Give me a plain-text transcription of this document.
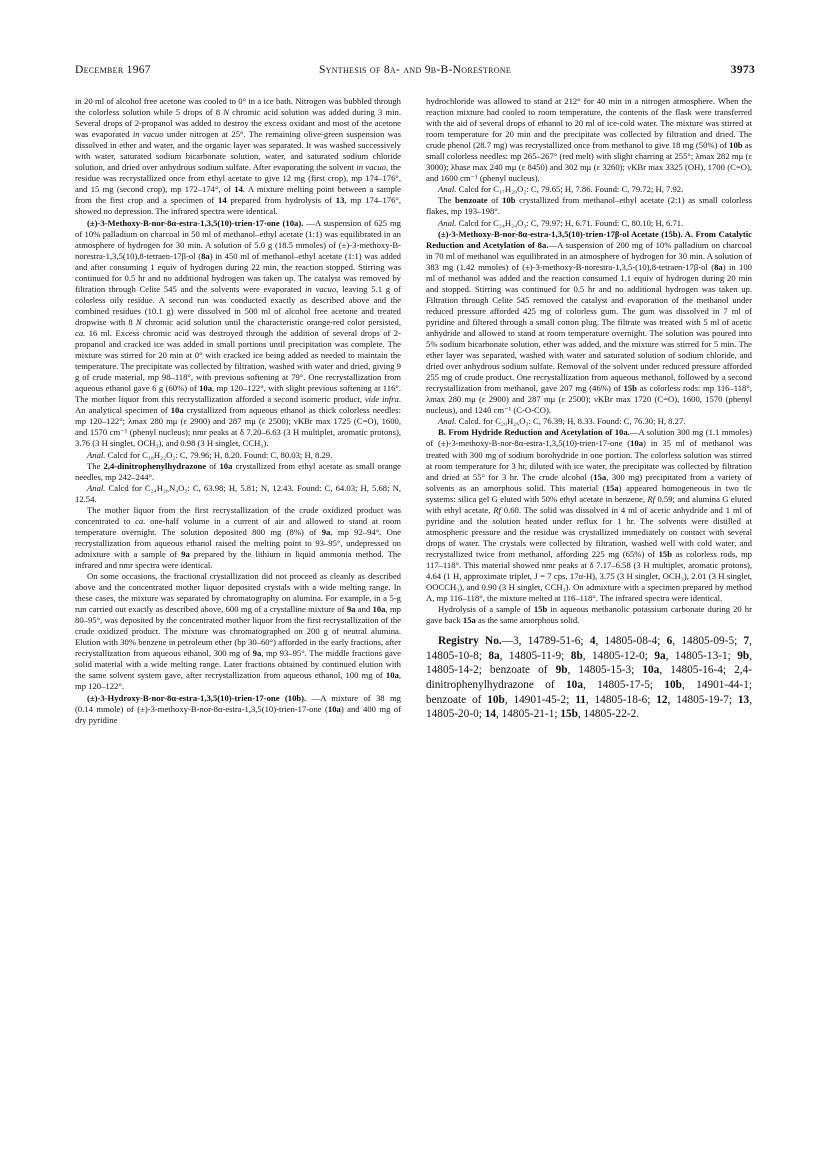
December 1967	Synthesis of 8α- and 9β-B-Norestrone	3973

in 20 ml of alcohol free acetone was cooled to 0° in a ice bath. Nitrogen was bubbled through the colorless solution while 5 drops of 8 N chromic acid solution was added during 3 min. Several drops of 2-propanol was added to destroy the excess oxidant and most of the acetone was evaporated in vacuo under nitrogen at 25°. The remaining olive-green suspension was dissolved in ether and water, and the organic layer was separated. It was washed successively with water, saturated sodium bicarbonate solution, water, and saturated sodium chloride solution, and dried over anhydrous sodium sulfate. After evaporating the solvent in vacuo, the residue was recrystallized once from ethyl acetate to give 12 mg (first crop), mp 174–176°, and 15 mg (second crop), mp 172–174°, of 14. A mixture melting point between a sample from the first crop and a specimen of 14 prepared from hydrolysis of 13, mp 174–176°, showed no depression. The infrared spectra were identical.

(±)-3-Methoxy-B-nor-8α-estra-1,3,5(10)-trien-17-one (10a). —A suspension of 625 mg of 10% palladium on charcoal in 50 ml of methanol–ethyl acetate (1:1) was equilibrated in an atmosphere of hydrogen for 30 min. A solution of 5.0 g (18.5 mmoles) of (±)-3-methoxy-B-norestra-1,3,5(10),8-tetraen-17β-ol (8a) in 450 ml of methanol–ethyl acetate (1:1) was added and after consuming 1 equiv of hydrogen during 22 min, the reaction stopped. Stirring was continued for 0.5 hr and no additional hydrogen was taken up. The catalyst was removed by filtration through Celite 545 and the solvents were evaporated in vacuo, leaving 5.1 g of colorless oily residue. A second run was conducted exactly as described above and the combined residues (10.1 g) were dissolved in 500 ml of alcohol free acetone and treated dropwise with 8 N chromic acid solution until the characteristic orange-red color persisted, ca. 16 ml. Excess chromic acid was destroyed through the addition of several drops of 2-propanol and cracked ice was added in small portions until precipitation was complete. The mixture was stirred for 20 min at 0° with cracked ice being added as needed to maintain the temperature. The precipitate was collected by filtration, washed with water and dried, giving 9 g of crude material, mp 98–118°, with previous softening at 79°. One recrystallization from aqueous ethanol gave 6 g (60%) of 10a, mp 120–122°, with slight previous softening at 116°. The mother liquor from this recrystallization afforded a second isomeric product, vide infra. An analytical specimen of 10a crystallized from aqueous ethanol as thick colorless needles: mp 120–122°; λmax 280 mμ (ε 2900) and 287 mμ (ε 2500); νKBr max 1725 (C=O), 1600, and 1570 cm⁻¹ (phenyl nucleus); nmr peaks at δ 7.20–6.63 (3 H multiplet, aromatic protons), 3.76 (3 H singlet, OCH₃), and 0.98 (3 H singlet, CCH₃).

Anal. Calcd for C₁₈H₂₂O₂: C, 79.96; H, 8.20. Found: C, 80.03; H, 8.29.

The 2,4-dinitrophenylhydrazone of 10a crystallized from ethyl acetate as small orange needles, mp 242–244°.

Anal. Calcd for C₂₄H₂₆N₄O₅: C, 63.98; H, 5.81; N, 12.43. Found: C, 64.03; H, 5.68; N, 12.54.

The mother liquor from the first recrystallization of the crude oxidized product was concentrated to ca. one-half volume in a current of air and allowed to stand at room temperature overnight. The solution deposited 800 mg (8%) of 9a, mp 92–94°. One recrystallization from aqueous ethanol raised the melting point to 93–95°, undepressed on admixture with a sample of 9a prepared by the lithium in liquid ammonia method. The infrared and nmr spectra were identical.

On some occasions, the fractional crystallization did not proceed as cleanly as described above and the concentrated mother liquor deposited crystals with a wide melting range. In these cases, the mixture was separated by chromatography on alumina. For example, in a 5-g run carried out exactly as described above, 600 mg of a crystalline mixture of 9a and 10a, mp 80–95°, was deposited by the concentrated mother liquor from the first recrystallization of the crude oxidized product. The mixture was chromatographed on 200 g of neutral alumina. Elution with 30% benzene in petroleum ether (bp 30–60°) afforded in the early fractions, after recrystallization from aqueous ethanol, 300 mg of 9a, mp 93–95°. The middle fractions gave solid material with a wide melting range. Later fractions obtained by continued elution with the same solvent system gave, after recrystallization from aqueous ethanol, 100 mg of 10a, mp 120–122°.

(±)-3-Hydroxy-B-nor-8α-estra-1,3,5(10)-trien-17-one (10b). —A mixture of 38 mg (0.14 mmole) of (±)-3-methoxy-B-nor-8α-estra-1,3,5(10)-trien-17-one (10a) and 400 mg of dry pyridine

hydrochloride was allowed to stand at 212° for 40 min in a nitrogen atmosphere. When the reaction mixture had cooled to room temperature, the contents of the flask were transferred with the aid of several drops of ethanol to 20 ml of ice-cold water. The mixture was stirred at room temperature for 20 min and the precipitate was collected by filtration and dried. The crude phenol (28.7 mg) was recrystallized once from methanol to give 18 mg (50%) of 10b as small colorless needles: mp 265–267° (red melt) with slight charring at 255°; λmax 282 mμ (ε 3000); λbase max 240 mμ (ε 8450) and 302 mμ (ε 3260); νKBr max 3325 (OH), 1700 (C=O), and 1600 cm⁻¹ (phenyl nucleus).

Anal. Calcd for C₁₇H₂₀O₂: C, 79.65; H, 7.86. Found: C, 79.72; H, 7.92.

The benzoate of 10b crystallized from methanol–ethyl acetate (2:1) as small colorless flakes, mp 193–198°.

Anal. Calcd for C₂₄H₂₄O₃: C, 79.97; H, 6.71. Found: C, 80.10; H, 6.71.

(±)-3-Methoxy-B-nor-8α-estra-1,3,5(10)-trien-17β-ol Acetate (15b). A. From Catalytic Reduction and Acetylation of 8a.—A suspension of 200 mg of 10% palladium on charcoal in 70 ml of methanol was equilibrated in an atmosphere of hydrogen for 30 min. A solution of 383 mg (1.42 mmoles) of (±)-3-methoxy-B-norestra-1,3,5-(10),8-tetraen-17β-ol (8a) in 100 ml of methanol was added and the reaction consumed 1.1 equiv of hydrogen during 20 min and stopped. Stirring was continued for 0.5 hr and no additional hydrogen was taken up. Filtration through Celite 545 removed the catalyst and evaporation of the methanol under reduced pressure afforded 425 mg of colorless gum. The gum was dissolved in 7 ml of pyridine and filtered through a small cotton plug. The filtrate was treated with 5 ml of acetic anhydride and allowed to stand at room temperature overnight. The solution was poured into 5% sodium bicarbonate solution, ether was added, and the mixture was stirred for 5 min. The ether layer was separated, washed with water and saturated solution of sodium chloride, and dried over anhydrous sodium sulfate. Removal of the solvent under reduced pressure afforded 255 mg of crude product. One recrystallization from aqueous methanol, followed by a second recrystallization from methanol, gave 207 mg (46%) of 15b as colorless rods: mp 116–118°, λmax 280 mμ (ε 2900) and 287 mμ (ε 2500); νKBr max 1720 (C=O), 1600, 1570 (phenyl nucleus), and 1240 cm⁻¹ (C-O-CO).

Anal. Calcd. for C₂₀H₂₆O₃: C, 76.39; H, 8.33. Found: C, 76.30; H, 8.27.

B. From Hydride Reduction and Acetylation of 10a.—A solution 300 mg (1.1 mmoles) of (±)-3-methoxy-B-nor-8α-estra-1,3,5(10)-trien-17-one (10a) in 35 ml of methanol was treated with 300 mg of sodium borohydride in one portion. The colorless solution was stirred at room temperature for 3 hr, diluted with ice water, the precipitate was collected by filtration and dried at 55° for 3 hr. The crude alcohol (15a, 300 mg) precipitated from a variety of solvents as an amorphous solid. This material (15a) appeared homogeneous in two tlc systems: silica gel G eluted with 50% ethyl acetate in benzene, Rf 0.59; and alumina G eluted with ethyl acetate, Rf 0.60. The solid was dissolved in 4 ml of acetic anhydride and 1 ml of pyridine and the solution heated under reflux for 1 hr. The solvents were distilled at atmospheric pressure and the residue was crystallized immediately on contact with several drops of water. The crystals were collected by filtration, washed well with cold water, and recrystallized twice from methanol, affording 225 mg (65%) of 15b as colorless rods, mp 117–118°. This material showed nmr peaks at δ 7.17–6.58 (3 H multiplet, aromatic protons), 4.64 (1 H, approximate triplet, J = 7 cps, 17α-H), 3.75 (3 H singlet, OCH₃), 2.01 (3 H singlet, OOCCH₃), and 0.90 (3 H singlet, CCH₃). On admixture with a specimen prepared by method A, mp 116–118°, the mixture melted at 116–118°. The infrared spectra were identical.

Hydrolysis of a sample of 15b in aqueous methanolic potassium carbonate during 20 hr gave back 15a as the same amorphous solid.

Registry No.—3, 14789-51-6; 4, 14805-08-4; 6, 14805-09-5; 7, 14805-10-8; 8a, 14805-11-9; 8b, 14805-12-0; 9a, 14805-13-1; 9b, 14805-14-2; benzoate of 9b, 14805-15-3; 10a, 14805-16-4; 2,4-dinitrophenylhydrazone of 10a, 14805-17-5; 10b, 14901-44-1; benzoate of 10b, 14901-45-2; 11, 14805-18-6; 12, 14805-19-7; 13, 14805-20-0; 14, 14805-21-1; 15b, 14805-22-2.
